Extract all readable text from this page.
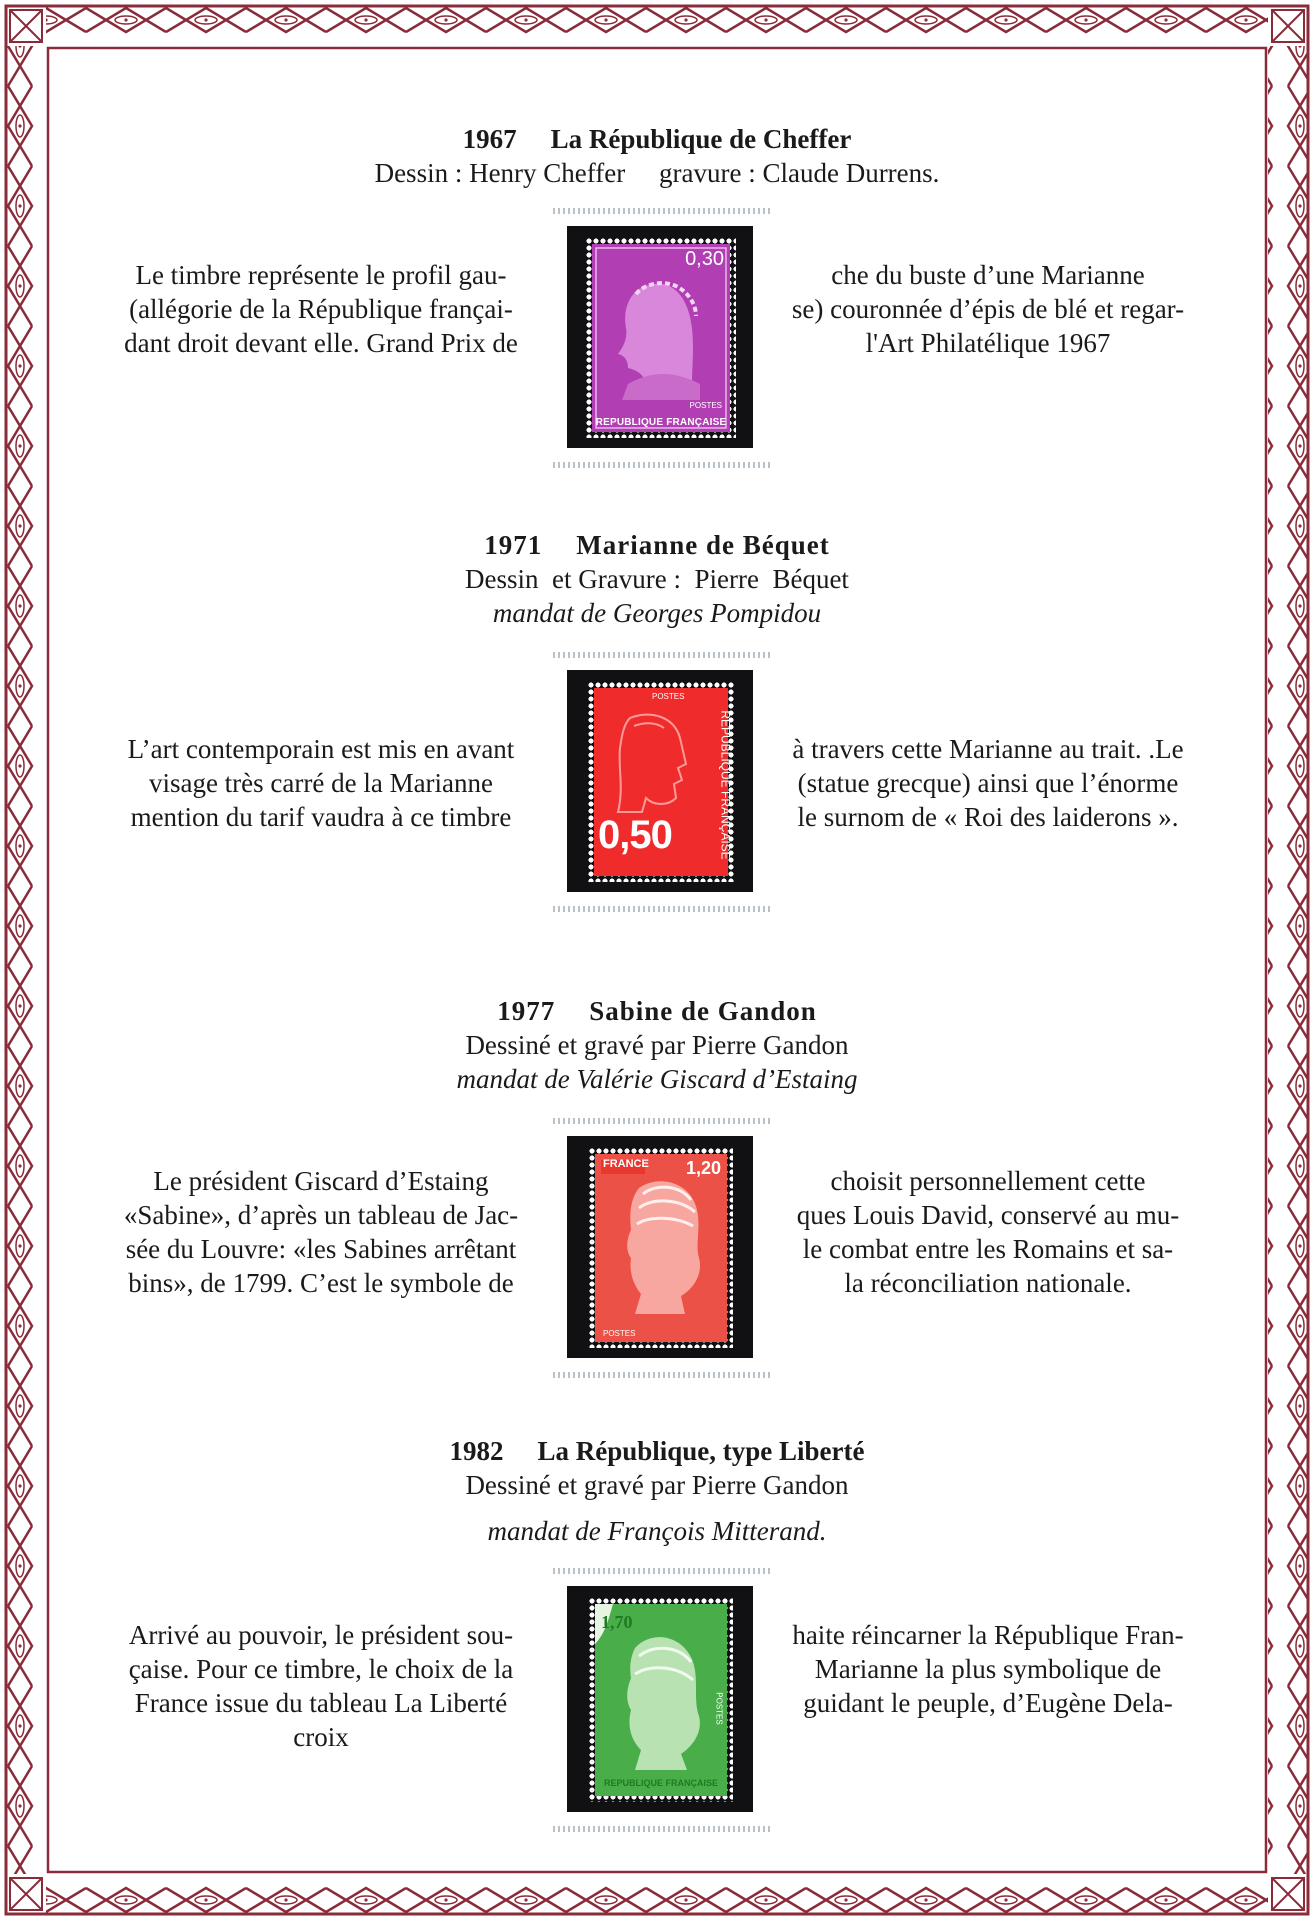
1967 La République de Cheffer
Dessin : Henry Cheffer     gravure : Claude Durrens.
Le timbre représente le profil gau-
(allégorie de la République françai-
dant droit devant elle. Grand Prix de
che du buste d’une Marianne
se) couronnée d’épis de blé et regar-
l'Art Philatélique 1967
0,30
POSTES
REPUBLIQUE FRANÇAISE
1971 Marianne de Béquet
Dessin  et Gravure :  Pierre  Béquet
mandat de Georges Pompidou
L’art contemporain est mis en avant
visage très carré de la Marianne
mention du tarif vaudra à ce timbre
à travers cette Marianne au trait. .Le
(statue grecque) ainsi que l’énorme
le surnom de « Roi des laiderons ».
0,50
POSTES
REPUBLIQUE FRANÇAISE
1977 Sabine de Gandon
Dessiné et gravé par Pierre Gandon
mandat de Valérie Giscard d’Estaing
Le président Giscard d’Estaing
«Sabine», d’après un tableau de Jac-
sée du Louvre: «les Sabines arrêtant
bins», de 1799. C’est le symbole de
choisit personnellement cette
ques Louis David, conservé au mu-
le combat entre les Romains et sa-
la réconciliation nationale.
FRANCE 1,20
POSTES
1982 La République, type Liberté
Dessiné et gravé par Pierre Gandon
mandat de François Mitterand.
Arrivé au pouvoir, le président sou-
çaise. Pour ce timbre, le choix de la
France issue du tableau La Liberté
croix
haite réincarner la République Fran-
Marianne la plus symbolique de
guidant le peuple, d’Eugène Dela-
1,70
POSTES
REPUBLIQUE FRANÇAISE
